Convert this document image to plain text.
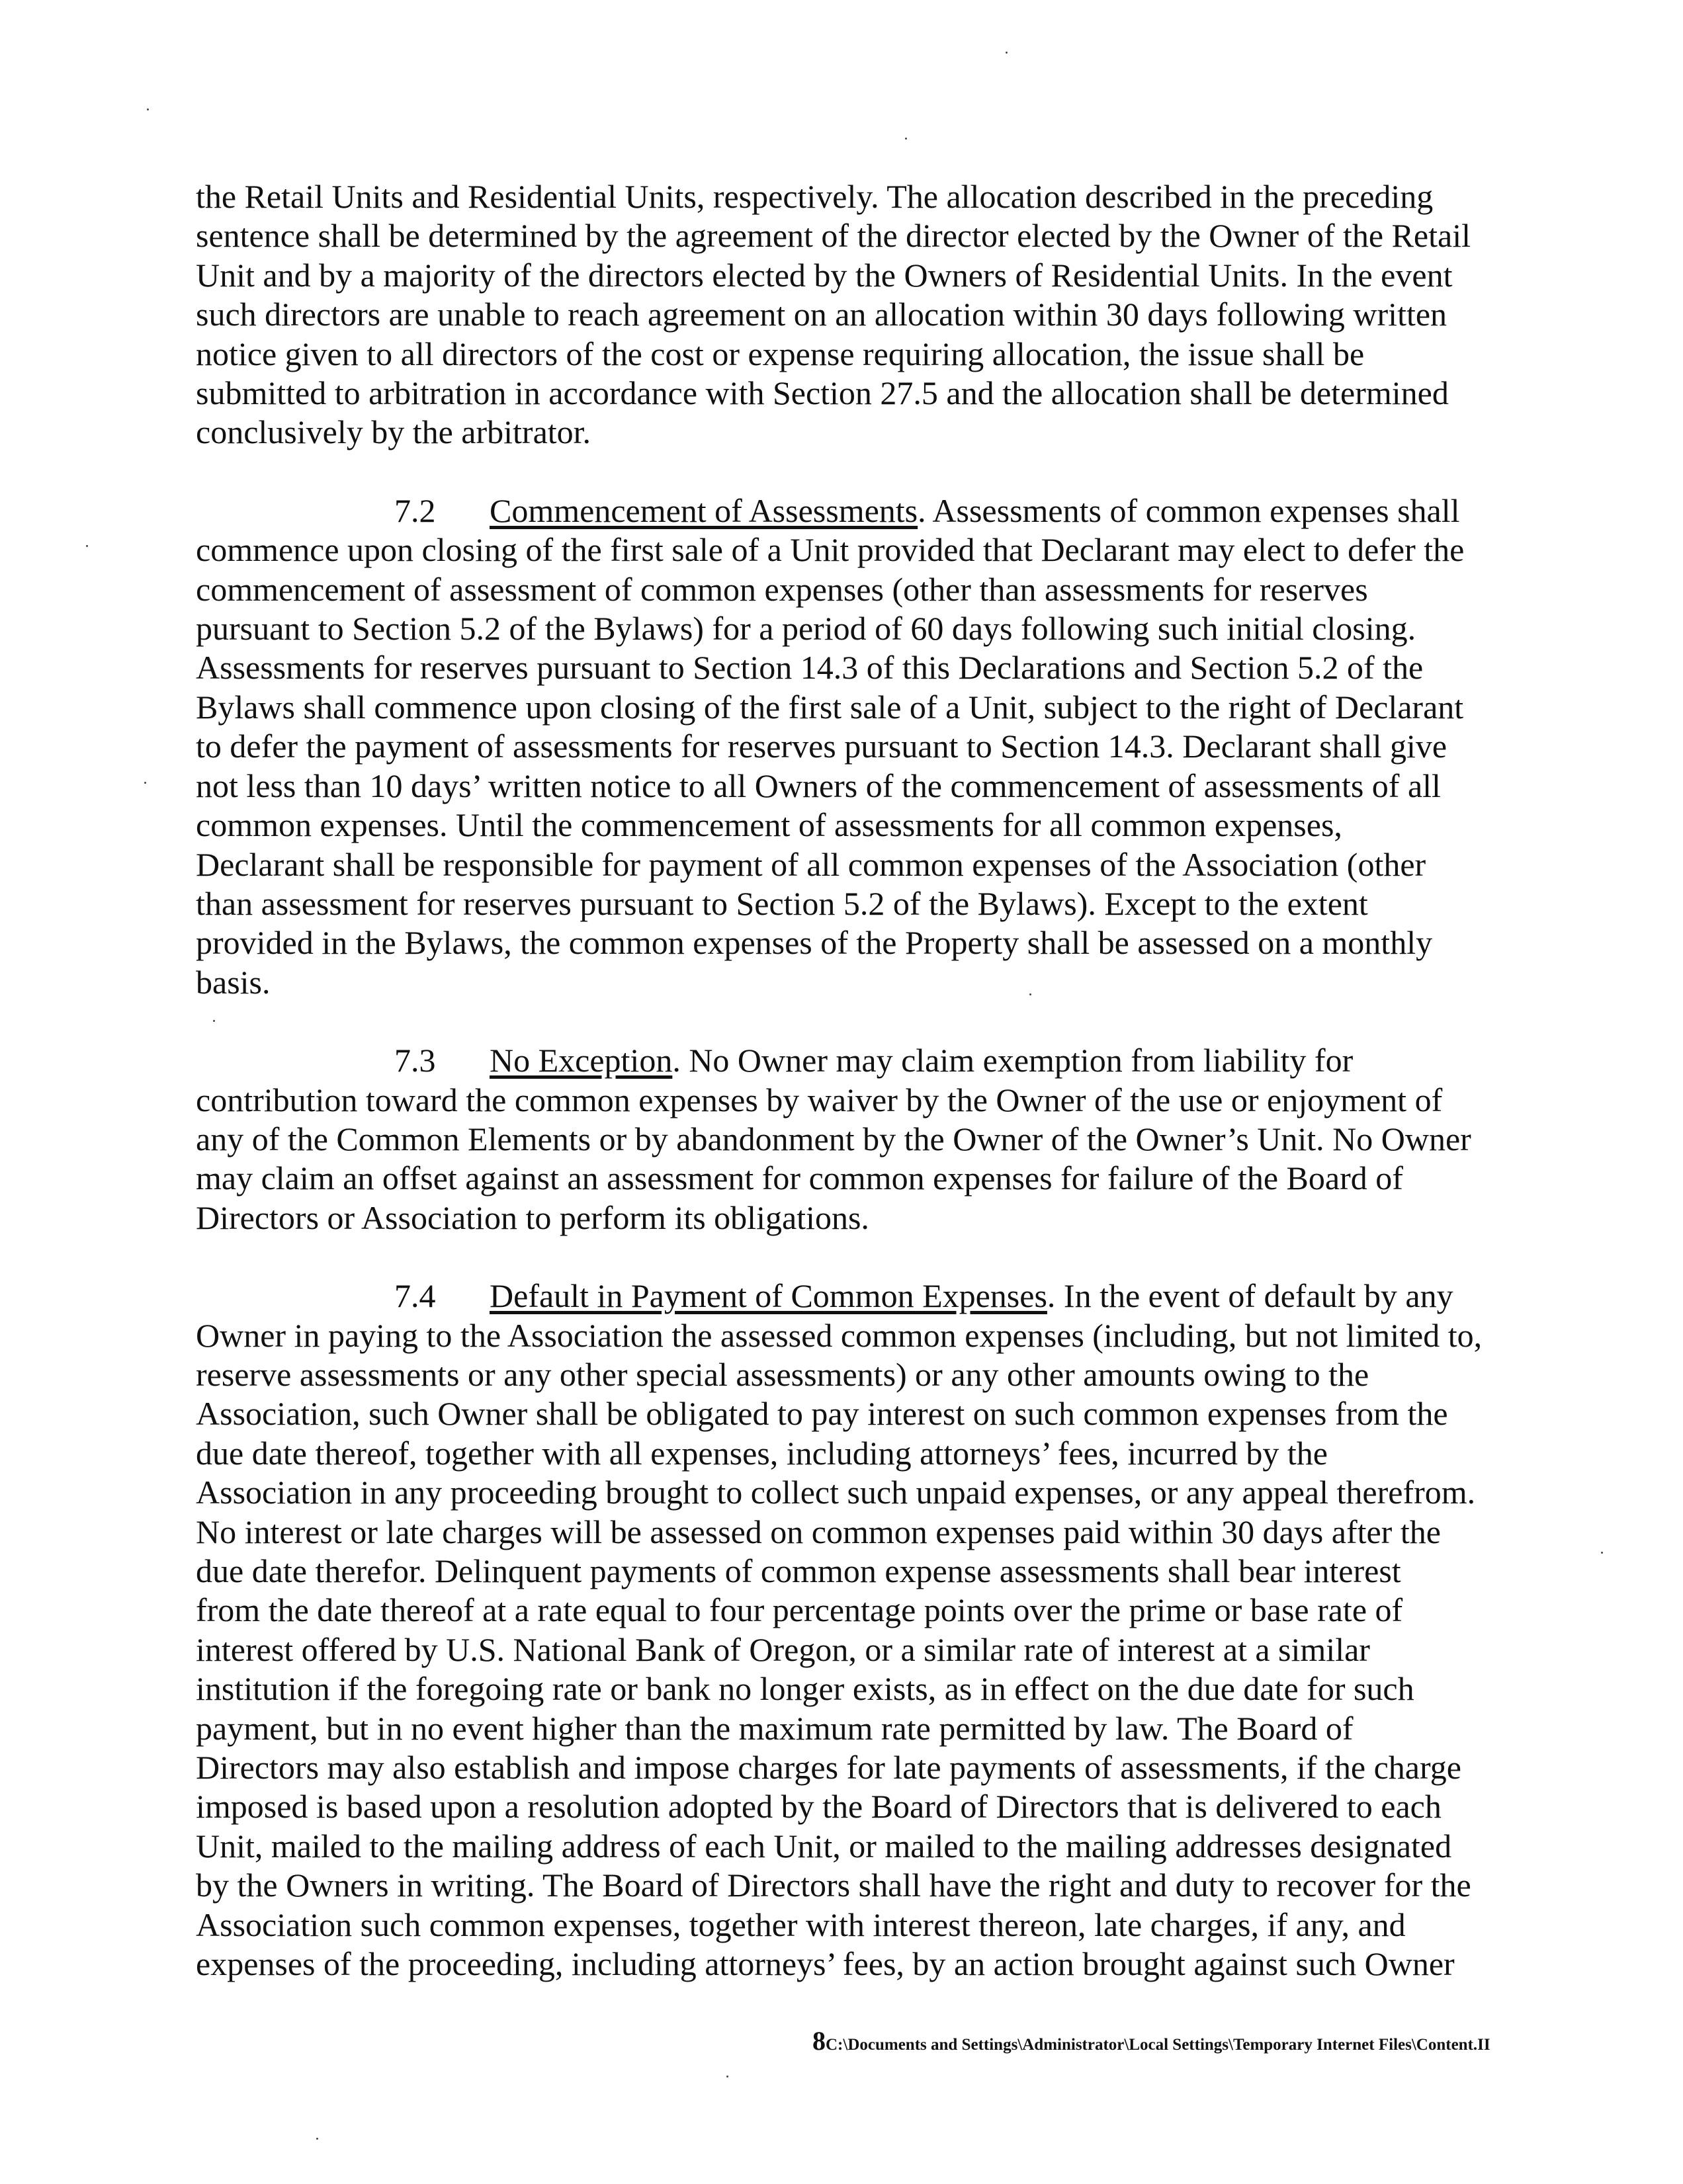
the Retail Units and Residential Units, respectively. The allocation described in the preceding
sentence shall be determined by the agreement of the director elected by the Owner of the Retail
Unit and by a majority of the directors elected by the Owners of Residential Units. In the event
such directors are unable to reach agreement on an allocation within 30 days following written
notice given to all directors of the cost or expense requiring allocation, the issue shall be
submitted to arbitration in accordance with Section 27.5 and the allocation shall be determined
conclusively by the arbitrator.
7.2 Commencement of Assessments. Assessments of common expenses shall
commence upon closing of the first sale of a Unit provided that Declarant may elect to defer the
commencement of assessment of common expenses (other than assessments for reserves
pursuant to Section 5.2 of the Bylaws) for a period of 60 days following such initial closing.
Assessments for reserves pursuant to Section 14.3 of this Declarations and Section 5.2 of the
Bylaws shall commence upon closing of the first sale of a Unit, subject to the right of Declarant
to defer the payment of assessments for reserves pursuant to Section 14.3. Declarant shall give
not less than 10 days’ written notice to all Owners of the commencement of assessments of all
common expenses. Until the commencement of assessments for all common expenses,
Declarant shall be responsible for payment of all common expenses of the Association (other
than assessment for reserves pursuant to Section 5.2 of the Bylaws). Except to the extent
provided in the Bylaws, the common expenses of the Property shall be assessed on a monthly
basis.
7.3 No Exception. No Owner may claim exemption from liability for
contribution toward the common expenses by waiver by the Owner of the use or enjoyment of
any of the Common Elements or by abandonment by the Owner of the Owner’s Unit. No Owner
may claim an offset against an assessment for common expenses for failure of the Board of
Directors or Association to perform its obligations.
7.4 Default in Payment of Common Expenses. In the event of default by any
Owner in paying to the Association the assessed common expenses (including, but not limited to,
reserve assessments or any other special assessments) or any other amounts owing to the
Association, such Owner shall be obligated to pay interest on such common expenses from the
due date thereof, together with all expenses, including attorneys’ fees, incurred by the
Association in any proceeding brought to collect such unpaid expenses, or any appeal therefrom.
No interest or late charges will be assessed on common expenses paid within 30 days after the
due date therefor. Delinquent payments of common expense assessments shall bear interest
from the date thereof at a rate equal to four percentage points over the prime or base rate of
interest offered by U.S. National Bank of Oregon, or a similar rate of interest at a similar
institution if the foregoing rate or bank no longer exists, as in effect on the due date for such
payment, but in no event higher than the maximum rate permitted by law. The Board of
Directors may also establish and impose charges for late payments of assessments, if the charge
imposed is based upon a resolution adopted by the Board of Directors that is delivered to each
Unit, mailed to the mailing address of each Unit, or mailed to the mailing addresses designated
by the Owners in writing. The Board of Directors shall have the right and duty to recover for the
Association such common expenses, together with interest thereon, late charges, if any, and
expenses of the proceeding, including attorneys’ fees, by an action brought against such Owner
8C:\Documents and Settings\Administrator\Local Settings\Temporary Internet Files\Content.II
